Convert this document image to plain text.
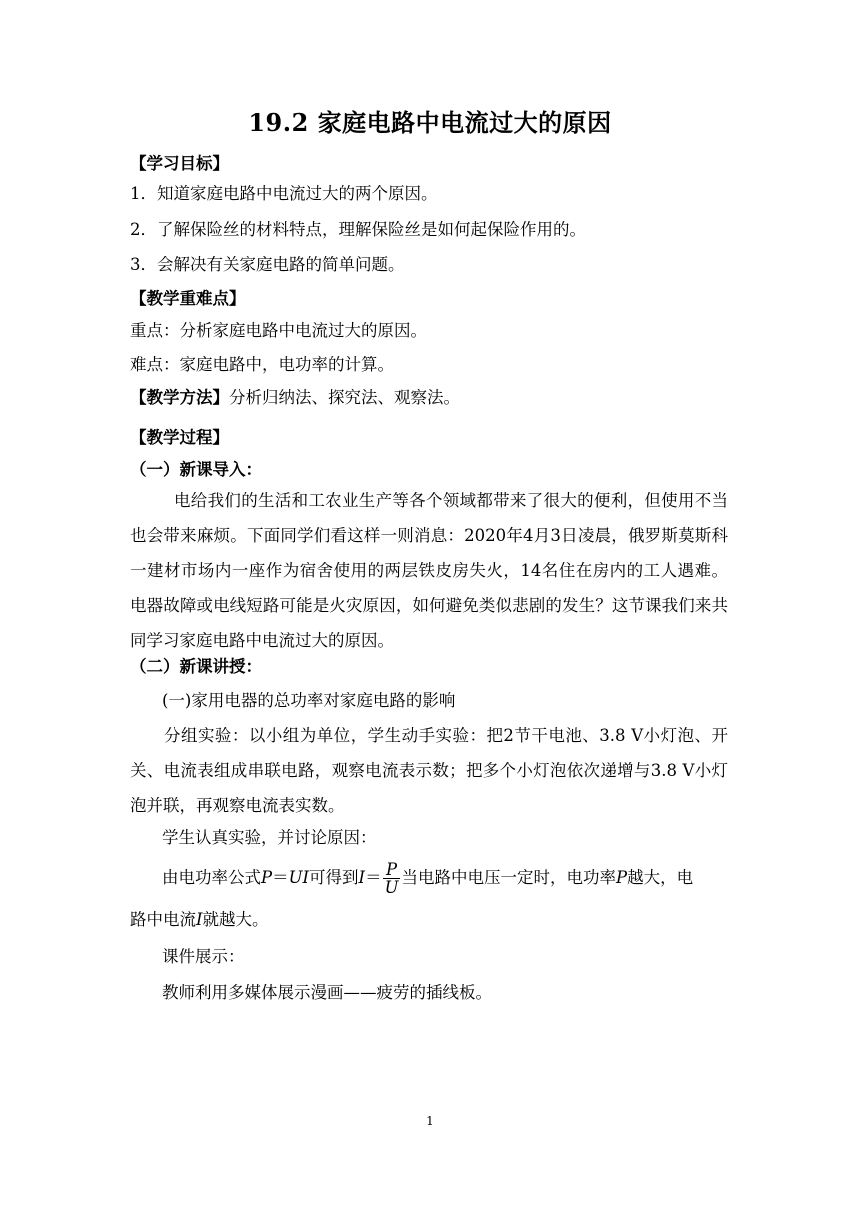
19.2 家庭电路中电流过大的原因
【学习目标】
1．知道家庭电路中电流过大的两个原因。
2．了解保险丝的材料特点，理解保险丝是如何起保险作用的。
3．会解决有关家庭电路的简单问题。
【教学重难点】
重点：分析家庭电路中电流过大的原因。
难点：家庭电路中，电功率的计算。
【教学方法】分析归纳法、探究法、观察法。
【教学过程】
（一）新课导入：
电给我们的生活和工农业生产等各个领域都带来了很大的便利，但使用不当也会带来麻烦。下面同学们看这样一则消息：2020年4月3日凌晨，俄罗斯莫斯科一建材市场内一座作为宿舍使用的两层铁皮房失火，14名住在房内的工人遇难。电器故障或电线短路可能是火灾原因，如何避免类似悲剧的发生？这节课我们来共同学习家庭电路中电流过大的原因。
（二）新课讲授：
(一)家用电器的总功率对家庭电路的影响
分组实验：以小组为单位，学生动手实验：把2节干电池、3.8 V小灯泡、开关、电流表组成串联电路，观察电流表示数；把多个小灯泡依次递增与3.8 V小灯泡并联，再观察电流表实数。
学生认真实验，并讨论原因：
由电功率公式P＝UI可得到$I= \frac{P}{U}$ 当电路中电压一定时，电功率P越大，电
路中电流I就越大。
课件展示：
教师利用多媒体展示漫画——疲劳的插线板。
1
